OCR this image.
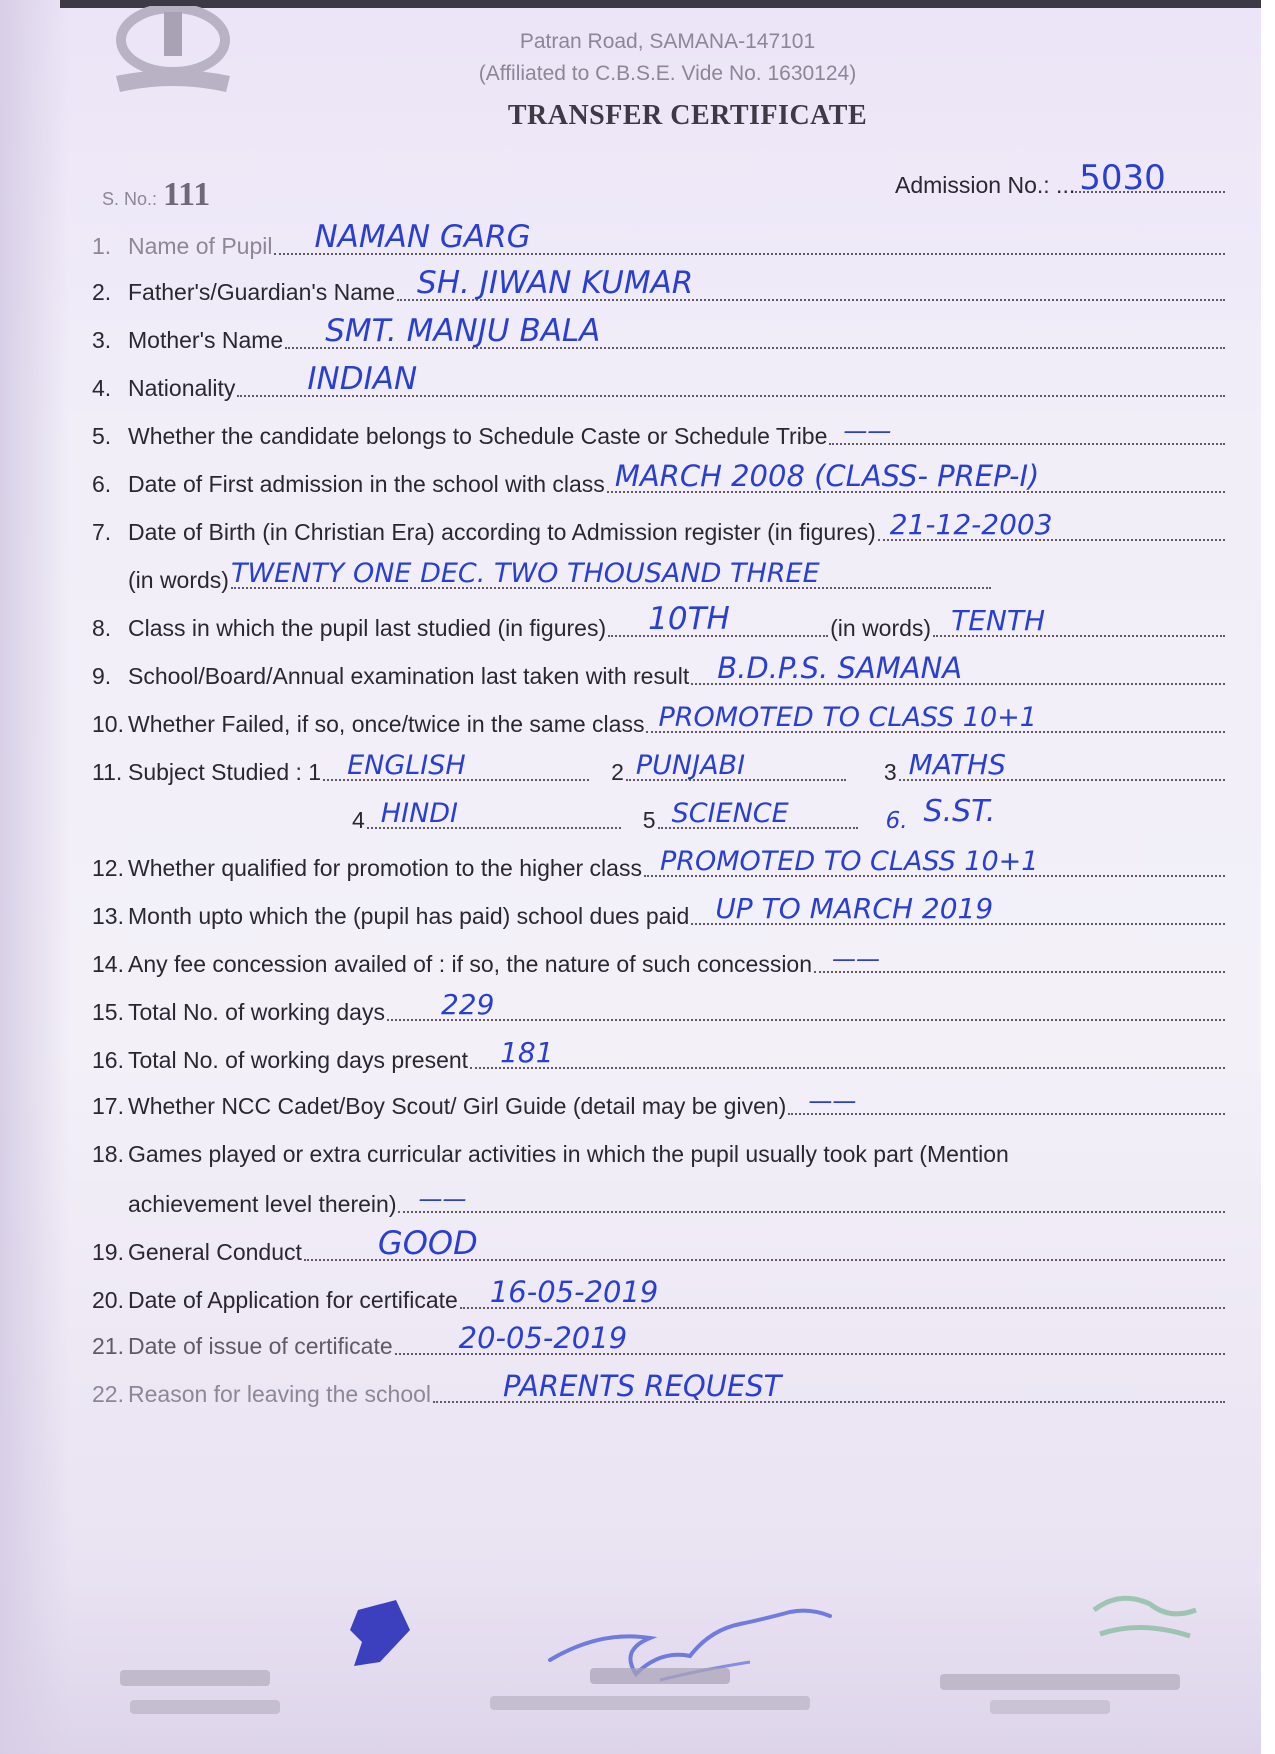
Patran Road, SAMANA-147101
(Affiliated to C.B.S.E. Vide No. 1630124)
TRANSFER CERTIFICATE
S. No.: 111	Admission No.: ... 5030
1. Name of Pupil NAMAN GARG
2. Father's/Guardian's Name SH. JIWAN KUMAR
3. Mother's Name SMT. MANJU BALA
4. Nationality INDIAN
5. Whether the candidate belongs to Schedule Caste or Schedule Tribe ——
6. Date of First admission in the school with class MARCH 2008 (CLASS- PREP-I)
7. Date of Birth (in Christian Era) according to Admission register (in figures) 21-12-2003
(in words) TWENTY ONE DEC. TWO THOUSAND THREE
8. Class in which the pupil last studied (in figures) 10TH	(in words) TENTH
9. School/Board/Annual examination last taken with result B.D.P.S. SAMANA
10. Whether Failed, if so, once/twice in the same class PROMOTED TO CLASS 10+1
11. Subject Studied : 1 ENGLISH	2 PUNJABI	3 MATHS
4 HINDI	5 SCIENCE	6. S.ST.
12. Whether qualified for promotion to the higher class PROMOTED TO CLASS 10+1
13. Month upto which the (pupil has paid) school dues paid UP TO MARCH 2019
14. Any fee concession availed of : if so, the nature of such concession ——
15. Total No. of working days 229
16. Total No. of working days present 181
17. Whether NCC Cadet/Boy Scout/ Girl Guide (detail may be given) ——
18. Games played or extra curricular activities in which the pupil usually took part (Mention
achievement level therein) ——
19. General Conduct GOOD
20. Date of Application for certificate 16-05-2019
21. Date of issue of certificate 20-05-2019
22. Reason for leaving the school PARENTS REQUEST
